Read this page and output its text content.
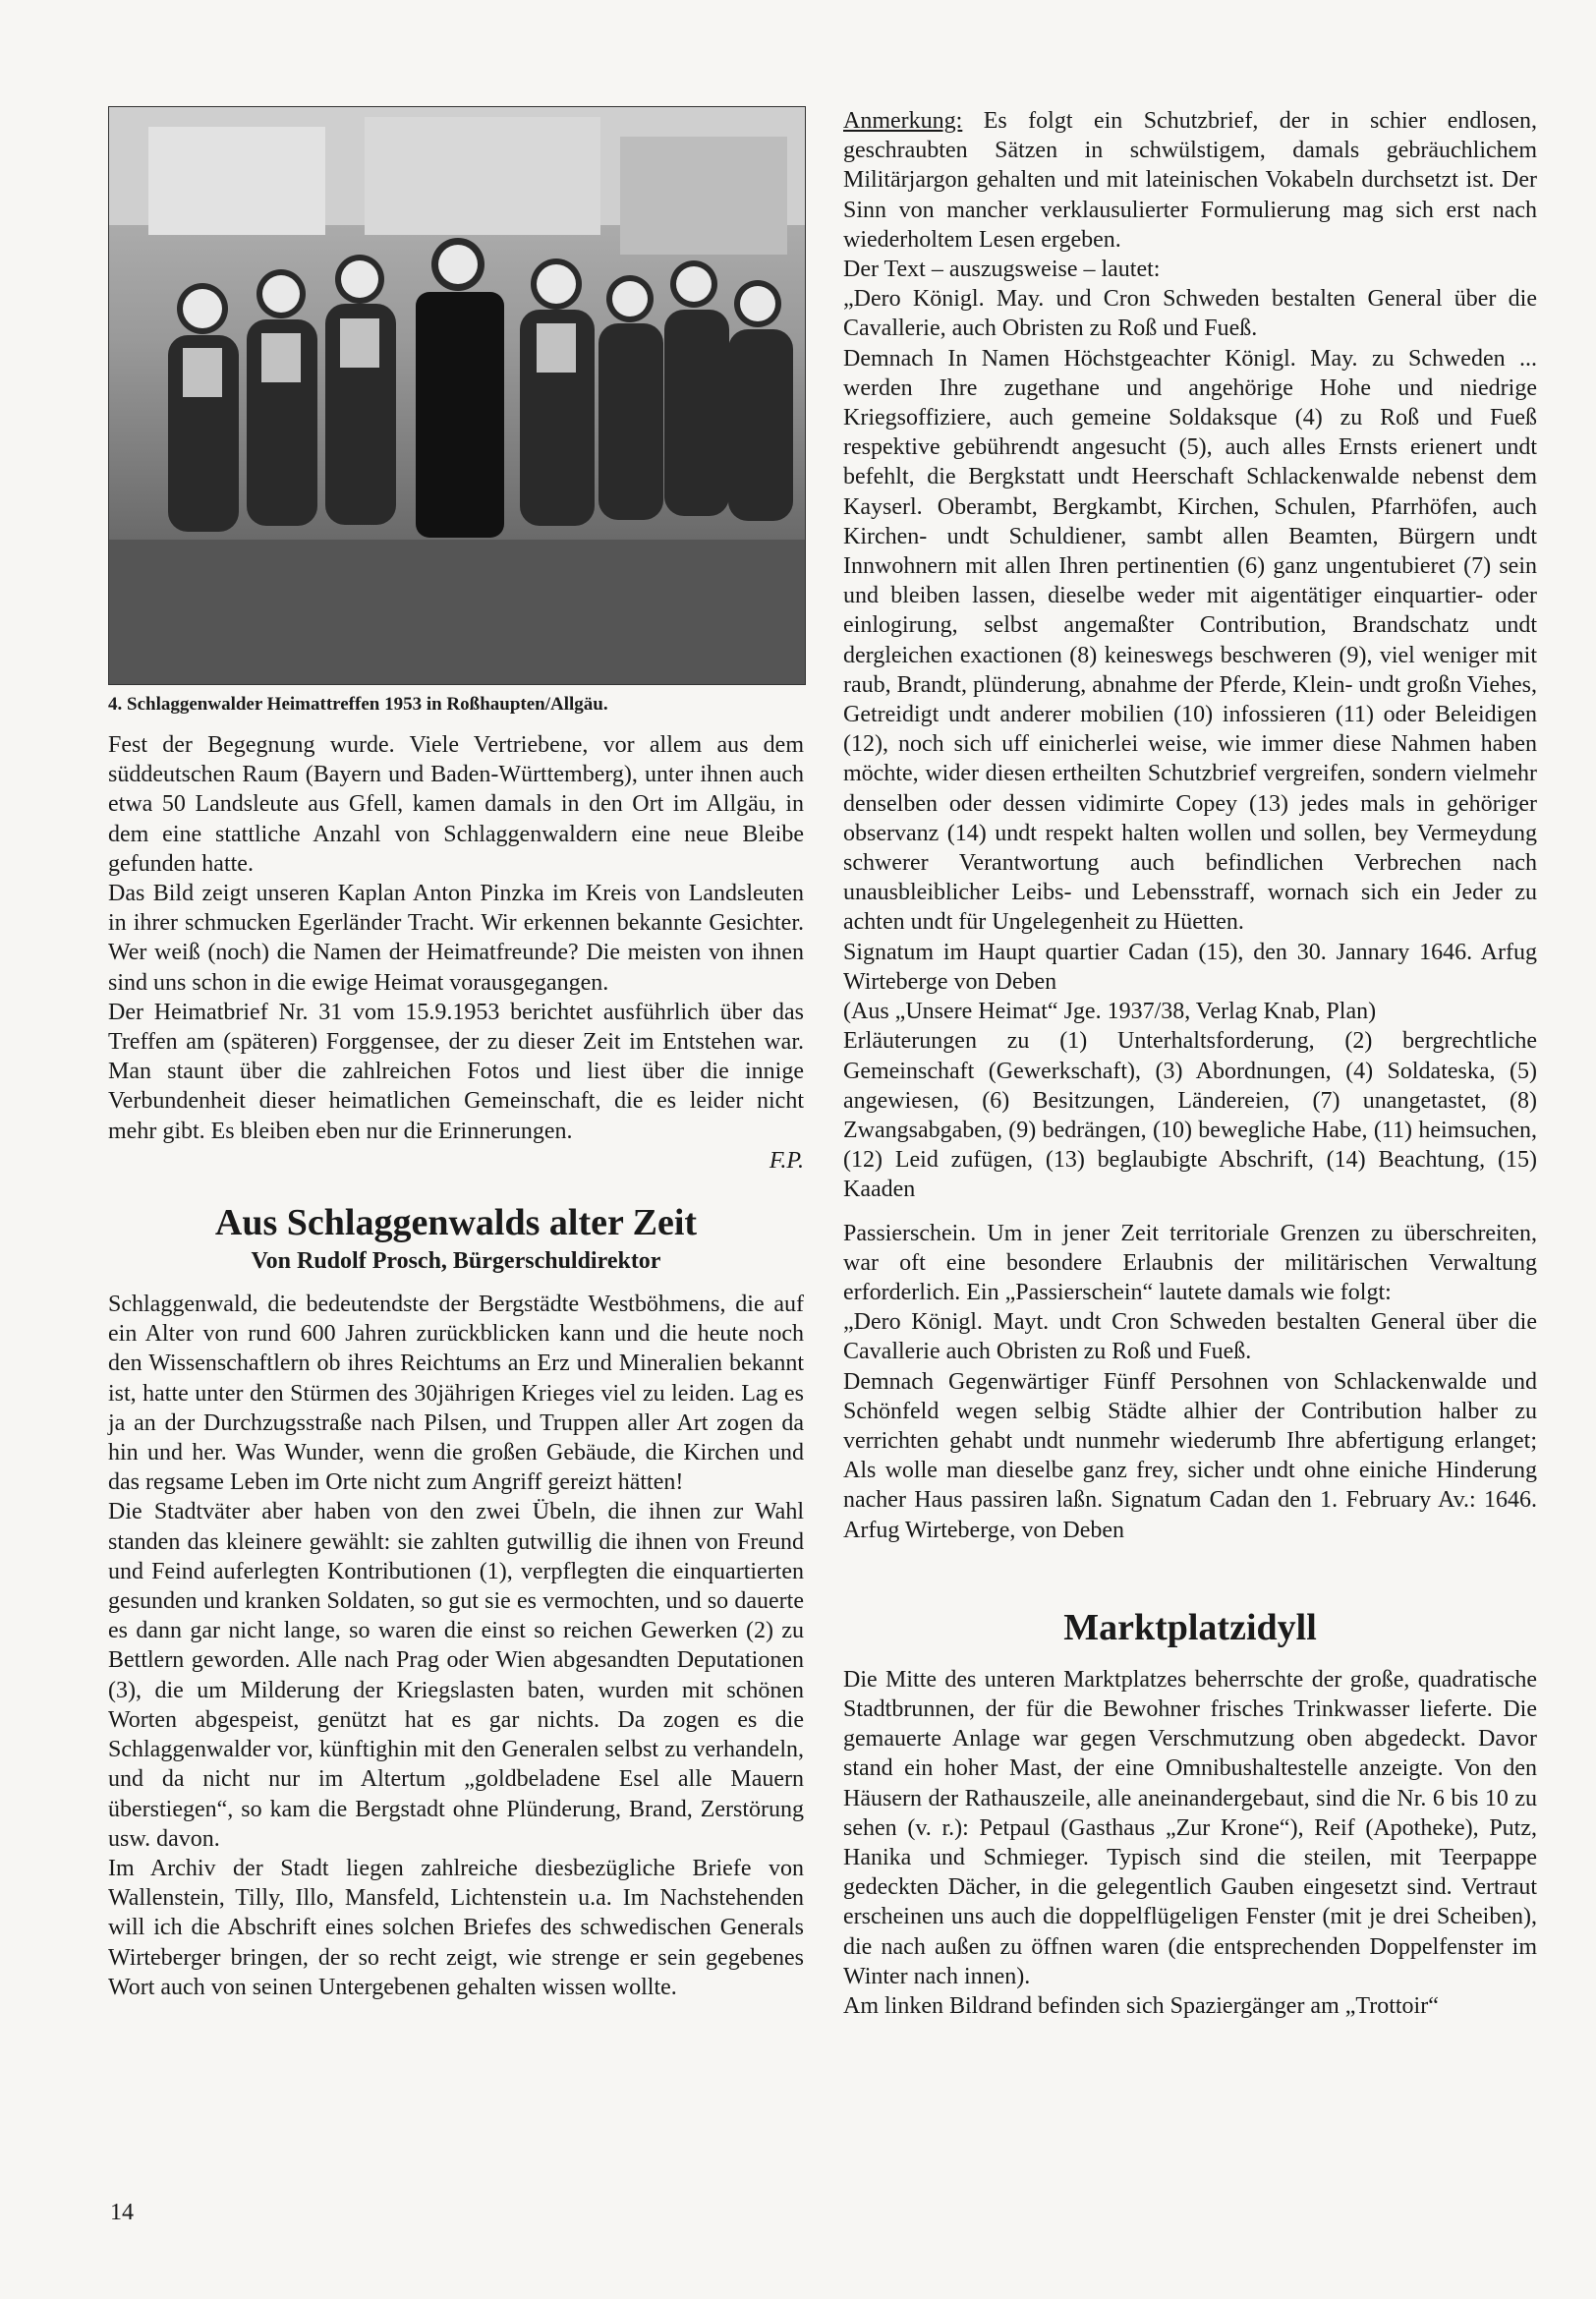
4. Schlaggenwalder Heimattreffen 1953 in Roßhaupten/Allgäu.

Fest der Begegnung wurde. Viele Vertriebene, vor allem aus dem süddeutschen Raum (Bayern und Baden-Württemberg), unter ihnen auch etwa 50 Landsleute aus Gfell, kamen damals in den Ort im Allgäu, in dem eine stattliche Anzahl von Schlaggenwaldern eine neue Bleibe gefunden hatte.

Das Bild zeigt unseren Kaplan Anton Pinzka im Kreis von Landsleuten in ihrer schmucken Egerländer Tracht. Wir erkennen bekannte Gesichter. Wer weiß (noch) die Namen der Heimatfreunde? Die meisten von ihnen sind uns schon in die ewige Heimat vorausgegangen.

Der Heimatbrief Nr. 31 vom 15.9.1953 berichtet ausführlich über das Treffen am (späteren) Forggensee, der zu dieser Zeit im Entstehen war. Man staunt über die zahlreichen Fotos und liest über die innige Verbundenheit dieser heimatlichen Gemeinschaft, die es leider nicht mehr gibt. Es bleiben eben nur die Erinnerungen.

F.P.

Aus Schlaggenwalds alter Zeit
Von Rudolf Prosch, Bürgerschuldirektor

Schlaggenwald, die bedeutendste der Bergstädte Westböhmens, die auf ein Alter von rund 600 Jahren zurückblicken kann und die heute noch den Wissenschaftlern ob ihres Reichtums an Erz und Mineralien bekannt ist, hatte unter den Stürmen des 30jährigen Krieges viel zu leiden. Lag es ja an der Durchzugsstraße nach Pilsen, und Truppen aller Art zogen da hin und her. Was Wunder, wenn die großen Gebäude, die Kirchen und das regsame Leben im Orte nicht zum Angriff gereizt hätten!

Die Stadtväter aber haben von den zwei Übeln, die ihnen zur Wahl standen das kleinere gewählt: sie zahlten gutwillig die ihnen von Freund und Feind auferlegten Kontributionen (1), verpflegten die einquartierten gesunden und kranken Soldaten, so gut sie es vermochten, und so dauerte es dann gar nicht lange, so waren die einst so reichen Gewerken (2) zu Bettlern geworden. Alle nach Prag oder Wien abgesandten Deputationen (3), die um Milderung der Kriegslasten baten, wurden mit schönen Worten abgespeist, genützt hat es gar nichts. Da zogen es die Schlaggenwalder vor, künftighin mit den Generalen selbst zu verhandeln, und da nicht nur im Altertum „goldbeladene Esel alle Mauern überstiegen“, so kam die Bergstadt ohne Plünderung, Brand, Zerstörung usw. davon.

Im Archiv der Stadt liegen zahlreiche diesbezügliche Briefe von Wallenstein, Tilly, Illo, Mansfeld, Lichtenstein u.a. Im Nachstehenden will ich die Abschrift eines solchen Briefes des schwedischen Generals Wirteberger bringen, der so recht zeigt, wie strenge er sein gegebenes Wort auch von seinen Untergebenen gehalten wissen wollte.

Anmerkung: Es folgt ein Schutzbrief, der in schier endlosen, geschraubten Sätzen in schwülstigem, damals gebräuchlichem Militärjargon gehalten und mit lateinischen Vokabeln durchsetzt ist. Der Sinn von mancher verklausulierter Formulierung mag sich erst nach wiederholtem Lesen ergeben.

Der Text – auszugsweise – lautet:

„Dero Königl. May. und Cron Schweden bestalten General über die Cavallerie, auch Obristen zu Roß und Fueß.

Demnach In Namen Höchstgeachter Königl. May. zu Schweden ... werden Ihre zugethane und angehörige Hohe und niedrige Kriegsoffiziere, auch gemeine Soldaksque (4) zu Roß und Fueß respektive gebührendt angesucht (5), auch alles Ernsts erienert undt befehlt, die Bergkstatt undt Heerschaft Schlackenwalde nebenst dem Kayserl. Oberambt, Bergkambt, Kirchen, Schulen, Pfarrhöfen, auch Kirchen- undt Schuldiener, sambt allen Beamten, Bürgern undt Innwohnern mit allen Ihren pertinentien (6) ganz ungentubieret (7) sein und bleiben lassen, dieselbe weder mit aigentätiger einquartier- oder einlogirung, selbst angemaßter Contribution, Brandschatz undt dergleichen exactionen (8) keineswegs beschweren (9), viel weniger mit raub, Brandt, plünderung, abnahme der Pferde, Klein- undt großn Viehes, Getreidigt undt anderer mobilien (10) infossieren (11) oder Beleidigen (12), noch sich uff einicherlei weise, wie immer diese Nahmen haben möchte, wider diesen ertheilten Schutzbrief vergreifen, sondern vielmehr denselben oder dessen vidimirte Copey (13) jedes mals in gehöriger observanz (14) undt respekt halten wollen und sollen, bey Vermeydung schwerer Verantwortung auch befindlichen Verbrechen nach unausbleiblicher Leibs- und Lebensstraff, wornach sich ein Jeder zu achten undt für Ungelegenheit zu Hüetten.

Signatum im Haupt quartier Cadan (15), den 30. Jannary 1646. Arfug Wirteberge von Deben

(Aus „Unsere Heimat“ Jge. 1937/38, Verlag Knab, Plan)

Erläuterungen zu (1) Unterhaltsforderung, (2) bergrechtliche Gemeinschaft (Gewerkschaft), (3) Abordnungen, (4) Soldateska, (5) angewiesen, (6) Besitzungen, Ländereien, (7) unangetastet, (8) Zwangsabgaben, (9) bedrängen, (10) bewegliche Habe, (11) heimsuchen, (12) Leid zufügen, (13) beglaubigte Abschrift, (14) Beachtung, (15) Kaaden

Passierschein. Um in jener Zeit territoriale Grenzen zu überschreiten, war oft eine besondere Erlaubnis der militärischen Verwaltung erforderlich. Ein „Passierschein“ lautete damals wie folgt:

„Dero Königl. Mayt. undt Cron Schweden bestalten General über die Cavallerie auch Obristen zu Roß und Fueß.

Demnach Gegenwärtiger Fünff Persohnen von Schlackenwalde und Schönfeld wegen selbig Städte alhier der Contribution halber zu verrichten gehabt undt nunmehr wiederumb Ihre abfertigung erlanget; Als wolle man dieselbe ganz frey, sicher undt ohne einiche Hinderung nacher Haus passiren laßn. Signatum Cadan den 1. February Av.: 1646. Arfug Wirteberge, von Deben

Marktplatzidyll

Die Mitte des unteren Marktplatzes beherrschte der große, quadratische Stadtbrunnen, der für die Bewohner frisches Trinkwasser lieferte. Die gemauerte Anlage war gegen Verschmutzung oben abgedeckt. Davor stand ein hoher Mast, der eine Omnibushaltestelle anzeigte. Von den Häusern der Rathauszeile, alle aneinandergebaut, sind die Nr. 6 bis 10 zu sehen (v. r.): Petpaul (Gasthaus „Zur Krone“), Reif (Apotheke), Putz, Hanika und Schmieger. Typisch sind die steilen, mit Teerpappe gedeckten Dächer, in die gelegentlich Gauben eingesetzt sind. Vertraut erscheinen uns auch die doppelflügeligen Fenster (mit je drei Scheiben), die nach außen zu öffnen waren (die entsprechenden Doppelfenster im Winter nach innen).

Am linken Bildrand befinden sich Spaziergänger am „Trottoir“

14
